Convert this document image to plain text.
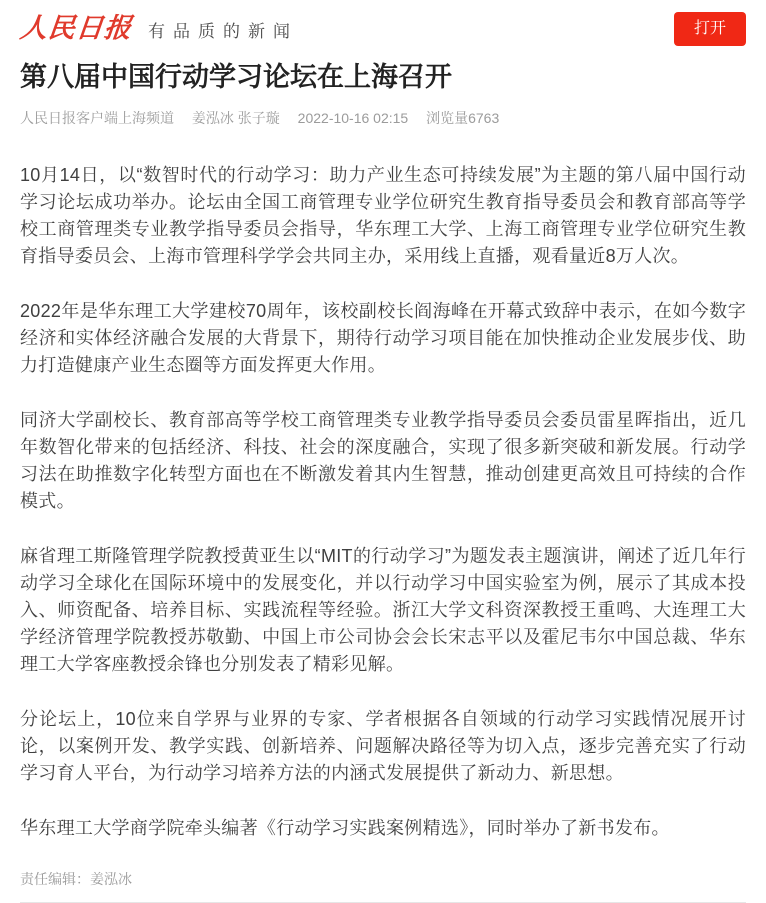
人民日报 有品质的新闻	打开
第八届中国行动学习论坛在上海召开
人民日报客户端上海频道 姜泓冰 张子璇 2022-10-16 02:15 浏览量6763

10月14日，以“数智时代的行动学习：助力产业生态可持续发展”为主题的第八届中国行动学习论坛成功举办。论坛由全国工商管理专业学位研究生教育指导委员会和教育部高等学校工商管理类专业教学指导委员会指导，华东理工大学、上海工商管理专业学位研究生教育指导委员会、上海市管理科学学会共同主办，采用线上直播，观看量近8万人次。

2022年是华东理工大学建校70周年，该校副校长阎海峰在开幕式致辞中表示，在如今数字经济和实体经济融合发展的大背景下，期待行动学习项目能在加快推动企业发展步伐、助力打造健康产业生态圈等方面发挥更大作用。

同济大学副校长、教育部高等学校工商管理类专业教学指导委员会委员雷星晖指出，近几年数智化带来的包括经济、科技、社会的深度融合，实现了很多新突破和新发展。行动学习法在助推数字化转型方面也在不断激发着其内生智慧，推动创建更高效且可持续的合作模式。

麻省理工斯隆管理学院教授黄亚生以“MIT的行动学习”为题发表主题演讲，阐述了近几年行动学习全球化在国际环境中的发展变化，并以行动学习中国实验室为例，展示了其成本投入、师资配备、培养目标、实践流程等经验。浙江大学文科资深教授王重鸣、大连理工大学经济管理学院教授苏敬勤、中国上市公司协会会长宋志平以及霍尼韦尔中国总裁、华东理工大学客座教授余锋也分别发表了精彩见解。

分论坛上，10位来自学界与业界的专家、学者根据各自领域的行动学习实践情况展开讨论，以案例开发、教学实践、创新培养、问题解决路径等为切入点，逐步完善充实了行动学习育人平台，为行动学习培养方法的内涵式发展提供了新动力、新思想。

华东理工大学商学院牵头编著《行动学习实践案例精选》，同时举办了新书发布。

责任编辑：姜泓冰
